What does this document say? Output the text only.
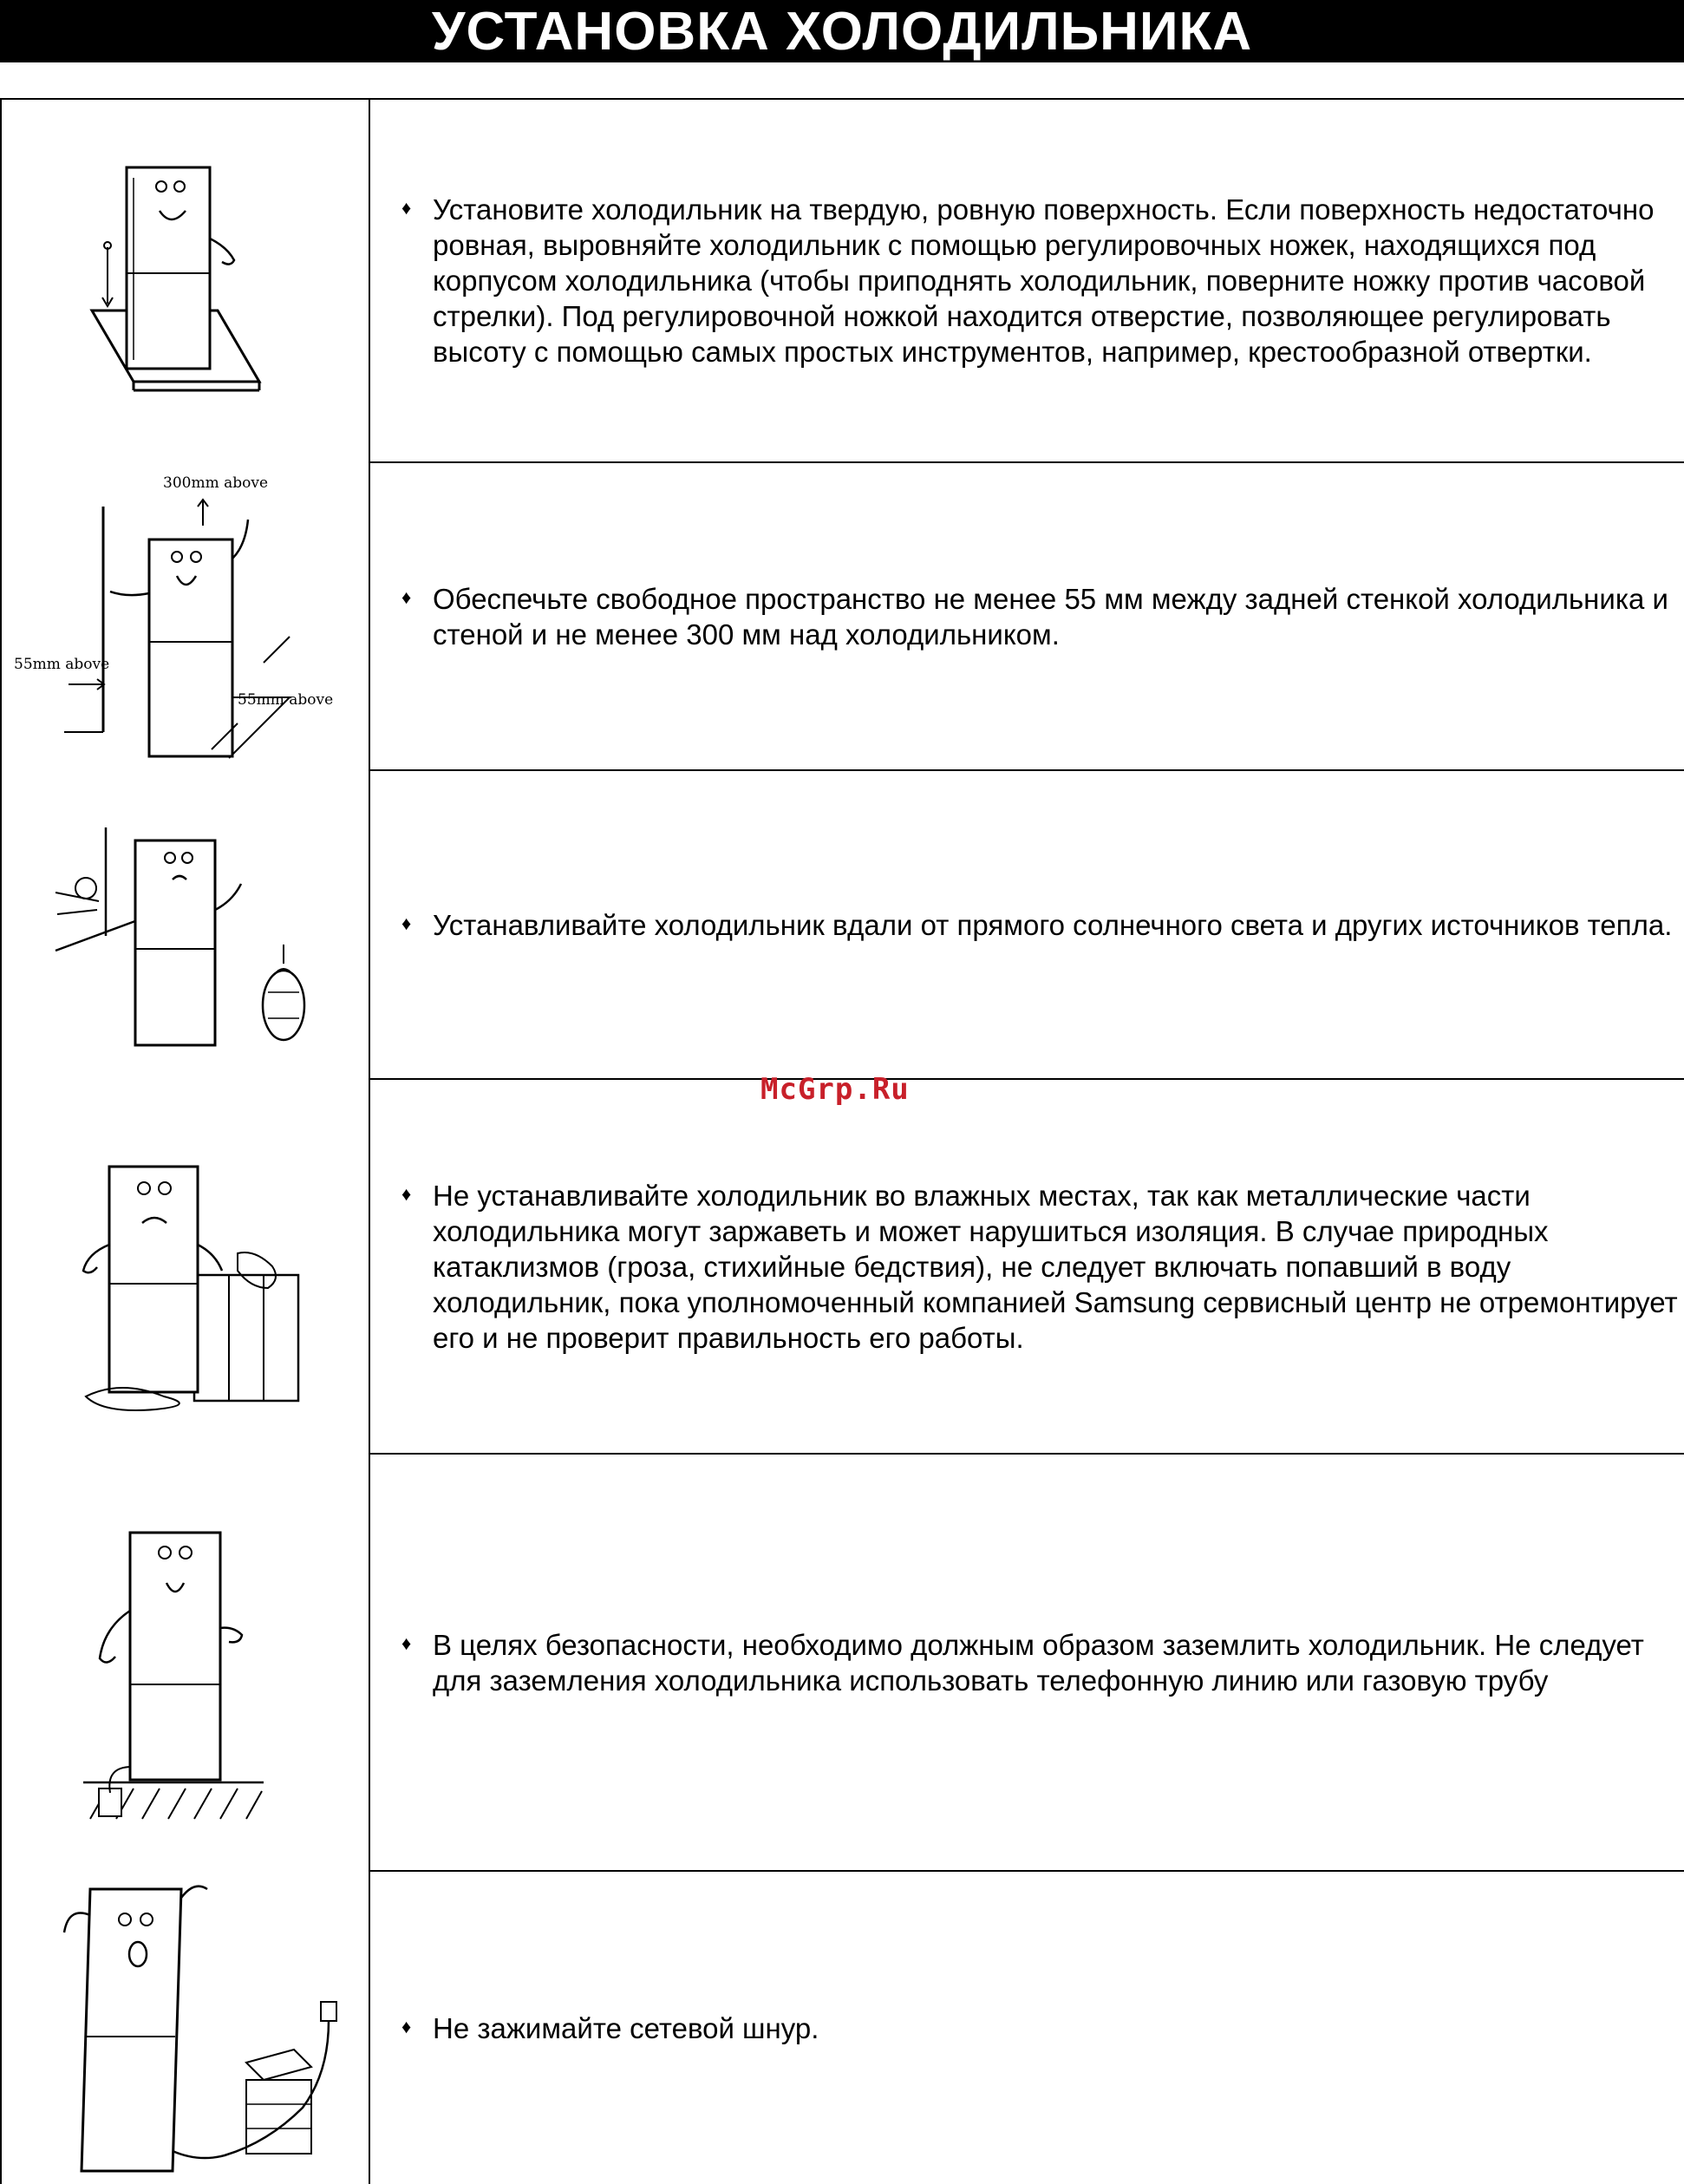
УСТАНОВКА ХОЛОДИЛЬНИКА
♦ Установите холодильник на твердую, ровную поверхность. Если поверхность недостаточно ровная, выровняйте холодильник с помощью регулировочных ножек, находящихся под корпусом холодильника (чтобы приподнять холодильник, поверните ножку против часовой стрелки). Под регулировочной ножкой находится отверстие, позволяющее регулировать высоту с помощью самых простых инструментов, например, крестообразной отвертки.
300mm above
55mm above
55mm above
♦ Обеспечьте свободное пространство не менее 55 мм между задней стенкой холодильника и стеной и не менее 300 мм над холодильником.
♦ Устанавливайте холодильник вдали от прямого солнечного света и других источников тепла.
♦ Не устанавливайте холодильник во влажных местах, так как металлические части холодильника могут заржаветь и может нарушиться изоляция. В случае природных катаклизмов (гроза, стихийные бедствия), не следует включать попавший в воду холодильник, пока уполномоченный компанией Samsung сервисный центр не отремонтирует его и не проверит правильность его работы.
♦ В целях безопасности, необходимо должным образом заземлить холодильник. Не следует для заземления холодильника использовать телефонную линию или газовую трубу
♦ Не зажимайте сетевой шнур.
McGrp.Ru
